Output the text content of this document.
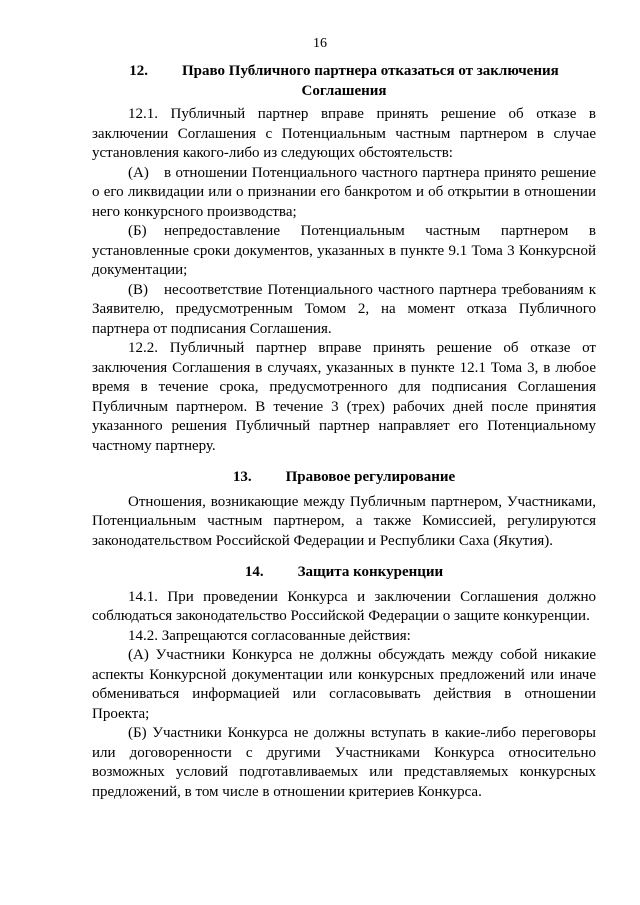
16
12. Право Публичного партнера отказаться от заключения
Соглашения

12.1. Публичный партнер вправе принять решение об отказе в заключении Соглашения с Потенциальным частным партнером в случае установления какого-либо из следующих обстоятельств:

(А) в отношении Потенциального частного партнера принято решение о его ликвидации или о признании его банкротом и об открытии в отношении него конкурсного производства;

(Б) непредоставление Потенциальным частным партнером в установленные сроки документов, указанных в пункте 9.1 Тома 3 Конкурсной документации;

(В) несоответствие Потенциального частного партнера требованиям к Заявителю, предусмотренным Томом 2, на момент отказа Публичного партнера от подписания Соглашения.

12.2. Публичный партнер вправе принять решение об отказе от заключения Соглашения в случаях, указанных в пункте 12.1 Тома 3, в любое время в течение срока, предусмотренного для подписания Соглашения Публичным партнером. В течение 3 (трех) рабочих дней после принятия указанного решения Публичный партнер направляет его Потенциальному частному партнеру.

13. Правовое регулирование

Отношения, возникающие между Публичным партнером, Участниками, Потенциальным частным партнером, а также Комиссией, регулируются законодательством Российской Федерации и Республики Саха (Якутия).

14. Защита конкуренции

14.1. При проведении Конкурса и заключении Соглашения должно соблюдаться законодательство Российской Федерации о защите конкуренции.

14.2. Запрещаются согласованные действия:

(А) Участники Конкурса не должны обсуждать между собой никакие аспекты Конкурсной документации или конкурсных предложений или иначе обмениваться информацией или согласовывать действия в отношении Проекта;

(Б) Участники Конкурса не должны вступать в какие-либо переговоры или договоренности с другими Участниками Конкурса относительно возможных условий подготавливаемых или представляемых конкурсных предложений, в том числе в отношении критериев Конкурса.
